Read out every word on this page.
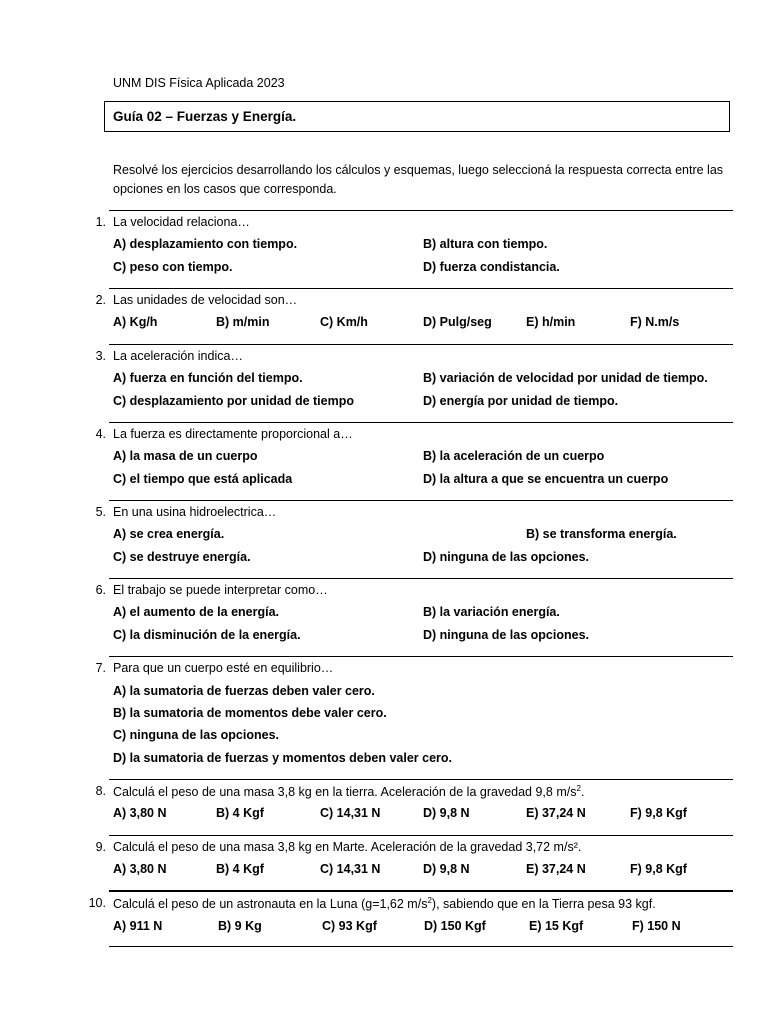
UNM DIS Física Aplicada 2023
Guía 02 – Fuerzas y Energía.
Resolvé los ejercicios desarrollando los cálculos y esquemas, luego seleccioná la respuesta correcta entre las opciones en los casos que corresponda.
1. La velocidad relaciona…
A) desplazamiento con tiempo.	B) altura con tiempo.
C) peso con tiempo.	D) fuerza condistancia.
2. Las unidades de velocidad son…
A) Kg/h	B) m/min	C) Km/h	D) Pulg/seg	E) h/min	F) N.m/s
3. La aceleración indica…
A) fuerza en función del tiempo.	B) variación de velocidad por unidad de tiempo.
C) desplazamiento por unidad de tiempo	D) energía por unidad de tiempo.
4. La fuerza es directamente proporcional a…
A) la masa de un cuerpo	B) la aceleración de un cuerpo
C) el tiempo que está aplicada	D) la altura a que se encuentra un cuerpo
5. En una usina hidroelectrica…
A) se crea energía.	B) se transforma energía.
C) se destruye energía.	D) ninguna de las opciones.
6. El trabajo se puede interpretar como…
A) el aumento de la energía.	B) la variación energía.
C) la disminución de la energía.	D) ninguna de las opciones.
7. Para que un cuerpo esté en equilibrio…
A) la sumatoria de fuerzas deben valer cero.
B) la sumatoria de momentos debe valer cero.
C) ninguna de las opciones.
D) la sumatoria de fuerzas y momentos deben valer cero.
8. Calculá el peso de una masa 3,8 kg en la tierra. Aceleración de la gravedad 9,8 $m/s^2$.
A) 3,80 N	B) 4 Kgf	C) 14,31 N	D) 9,8 N	E) 37,24 N	F) 9,8 Kgf
9. Calculá el peso de una masa 3,8 kg en Marte. Aceleración de la gravedad 3,72 m/s².
A) 3,80 N	B) 4 Kgf	C) 14,31 N	D) 9,8 N	E) 37,24 N	F) 9,8 Kgf
10. Calculá el peso de un astronauta en la Luna (g=1,62 $m/s^2$), sabiendo que en la Tierra pesa 93 kgf.
A) 911 N	B) 9 Kg	C) 93 Kgf	D) 150 Kgf	E) 15 Kgf	F) 150 N
